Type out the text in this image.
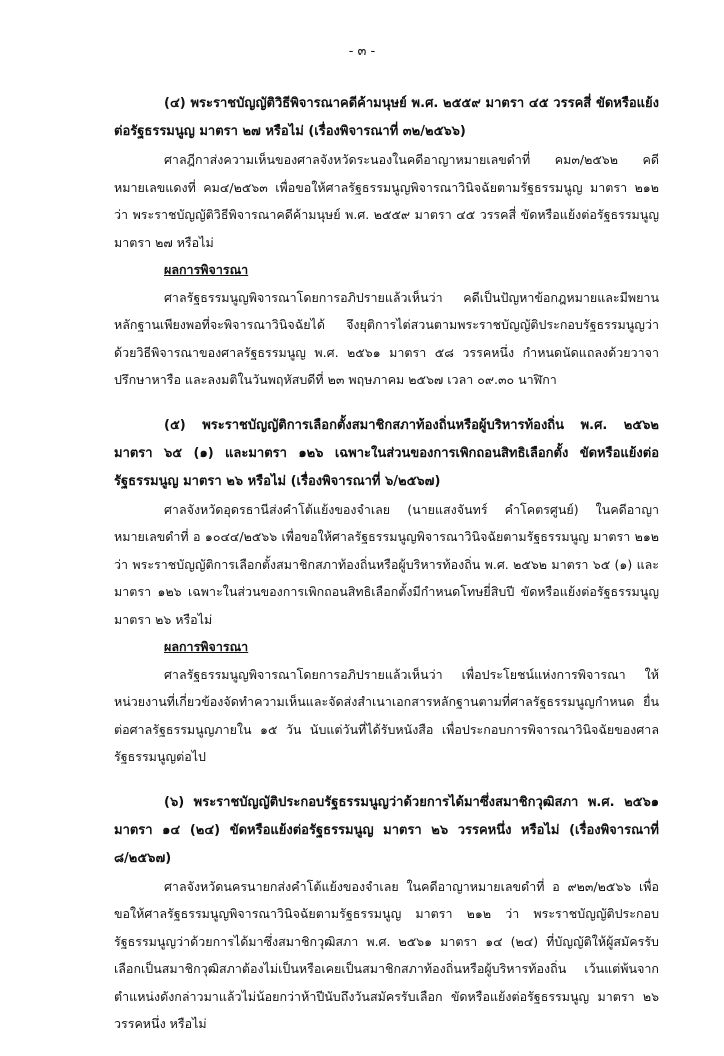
- ๓ -

(๔) พระราชบัญญัติวิธีพิจารณาคดีค้ามนุษย์ พ.ศ. ๒๕๕๙ มาตรา ๔๕ วรรคสี่ ขัดหรือแย้งต่อรัฐธรรมนูญ มาตรา ๒๗ หรือไม่ (เรื่องพิจารณาที่ ๓๒/๒๕๖๖)

ศาลฎีกาส่งความเห็นของศาลจังหวัดระนองในคดีอาญาหมายเลขดำที่ คม๓/๒๕๖๒ คดีหมายเลขแดงที่ คม๔/๒๕๖๓ เพื่อขอให้ศาลรัฐธรรมนูญพิจารณาวินิจฉัยตามรัฐธรรมนูญ มาตรา ๒๑๒ ว่า พระราชบัญญัติวิธีพิจารณาคดีค้ามนุษย์ พ.ศ. ๒๕๕๙ มาตรา ๔๕ วรรคสี่ ขัดหรือแย้งต่อรัฐธรรมนูญ มาตรา ๒๗ หรือไม่

ผลการพิจารณา

ศาลรัฐธรรมนูญพิจารณาโดยการอภิปรายแล้วเห็นว่า คดีเป็นปัญหาข้อกฎหมายและมีพยานหลักฐานเพียงพอที่จะพิจารณาวินิจฉัยได้ จึงยุติการไต่สวนตามพระราชบัญญัติประกอบรัฐธรรมนูญว่าด้วยวิธีพิจารณาของศาลรัฐธรรมนูญ พ.ศ. ๒๕๖๑ มาตรา ๕๘ วรรคหนึ่ง กำหนดนัดแถลงด้วยวาจา ปรึกษาหารือ และลงมติในวันพฤหัสบดีที่ ๒๓ พฤษภาคม ๒๕๖๗ เวลา ๐๙.๓๐ นาฬิกา

(๕) พระราชบัญญัติการเลือกตั้งสมาชิกสภาท้องถิ่นหรือผู้บริหารท้องถิ่น พ.ศ. ๒๕๖๒ มาตรา ๖๕ (๑) และมาตรา ๑๒๖ เฉพาะในส่วนของการเพิกถอนสิทธิเลือกตั้ง ขัดหรือแย้งต่อรัฐธรรมนูญ มาตรา ๒๖ หรือไม่ (เรื่องพิจารณาที่ ๖/๒๕๖๗)

ศาลจังหวัดอุดรธานีส่งคำโต้แย้งของจำเลย (นายแสงจันทร์ คำโคตรศูนย์) ในคดีอาญาหมายเลขดำที่ อ ๑๐๔๔/๒๕๖๖ เพื่อขอให้ศาลรัฐธรรมนูญพิจารณาวินิจฉัยตามรัฐธรรมนูญ มาตรา ๒๑๒ ว่า พระราชบัญญัติการเลือกตั้งสมาชิกสภาท้องถิ่นหรือผู้บริหารท้องถิ่น พ.ศ. ๒๕๖๒ มาตรา ๖๕ (๑) และมาตรา ๑๒๖ เฉพาะในส่วนของการเพิกถอนสิทธิเลือกตั้งมีกำหนดโทษยี่สิบปี ขัดหรือแย้งต่อรัฐธรรมนูญ มาตรา ๒๖ หรือไม่

ผลการพิจารณา

ศาลรัฐธรรมนูญพิจารณาโดยการอภิปรายแล้วเห็นว่า เพื่อประโยชน์แห่งการพิจารณา ให้หน่วยงานที่เกี่ยวข้องจัดทำความเห็นและจัดส่งสำเนาเอกสารหลักฐานตามที่ศาลรัฐธรรมนูญกำหนด ยื่นต่อศาลรัฐธรรมนูญภายใน ๑๕ วัน นับแต่วันที่ได้รับหนังสือ เพื่อประกอบการพิจารณาวินิจฉัยของศาลรัฐธรรมนูญต่อไป

(๖) พระราชบัญญัติประกอบรัฐธรรมนูญว่าด้วยการได้มาซึ่งสมาชิกวุฒิสภา พ.ศ. ๒๕๖๑ มาตรา ๑๔ (๒๔) ขัดหรือแย้งต่อรัฐธรรมนูญ มาตรา ๒๖ วรรคหนึ่ง หรือไม่ (เรื่องพิจารณาที่ ๘/๒๕๖๗)

ศาลจังหวัดนครนายกส่งคำโต้แย้งของจำเลย ในคดีอาญาหมายเลขดำที่ อ ๙๒๓/๒๕๖๖ เพื่อขอให้ศาลรัฐธรรมนูญพิจารณาวินิจฉัยตามรัฐธรรมนูญ มาตรา ๒๑๒ ว่า พระราชบัญญัติประกอบรัฐธรรมนูญว่าด้วยการได้มาซึ่งสมาชิกวุฒิสภา พ.ศ. ๒๕๖๑ มาตรา ๑๔ (๒๔) ที่บัญญัติให้ผู้สมัครรับเลือกเป็นสมาชิกวุฒิสภาต้องไม่เป็นหรือเคยเป็นสมาชิกสภาท้องถิ่นหรือผู้บริหารท้องถิ่น เว้นแต่พ้นจากตำแหน่งดังกล่าวมาแล้วไม่น้อยกว่าห้าปีนับถึงวันสมัครรับเลือก ขัดหรือแย้งต่อรัฐธรรมนูญ มาตรา ๒๖ วรรคหนึ่ง หรือไม่
